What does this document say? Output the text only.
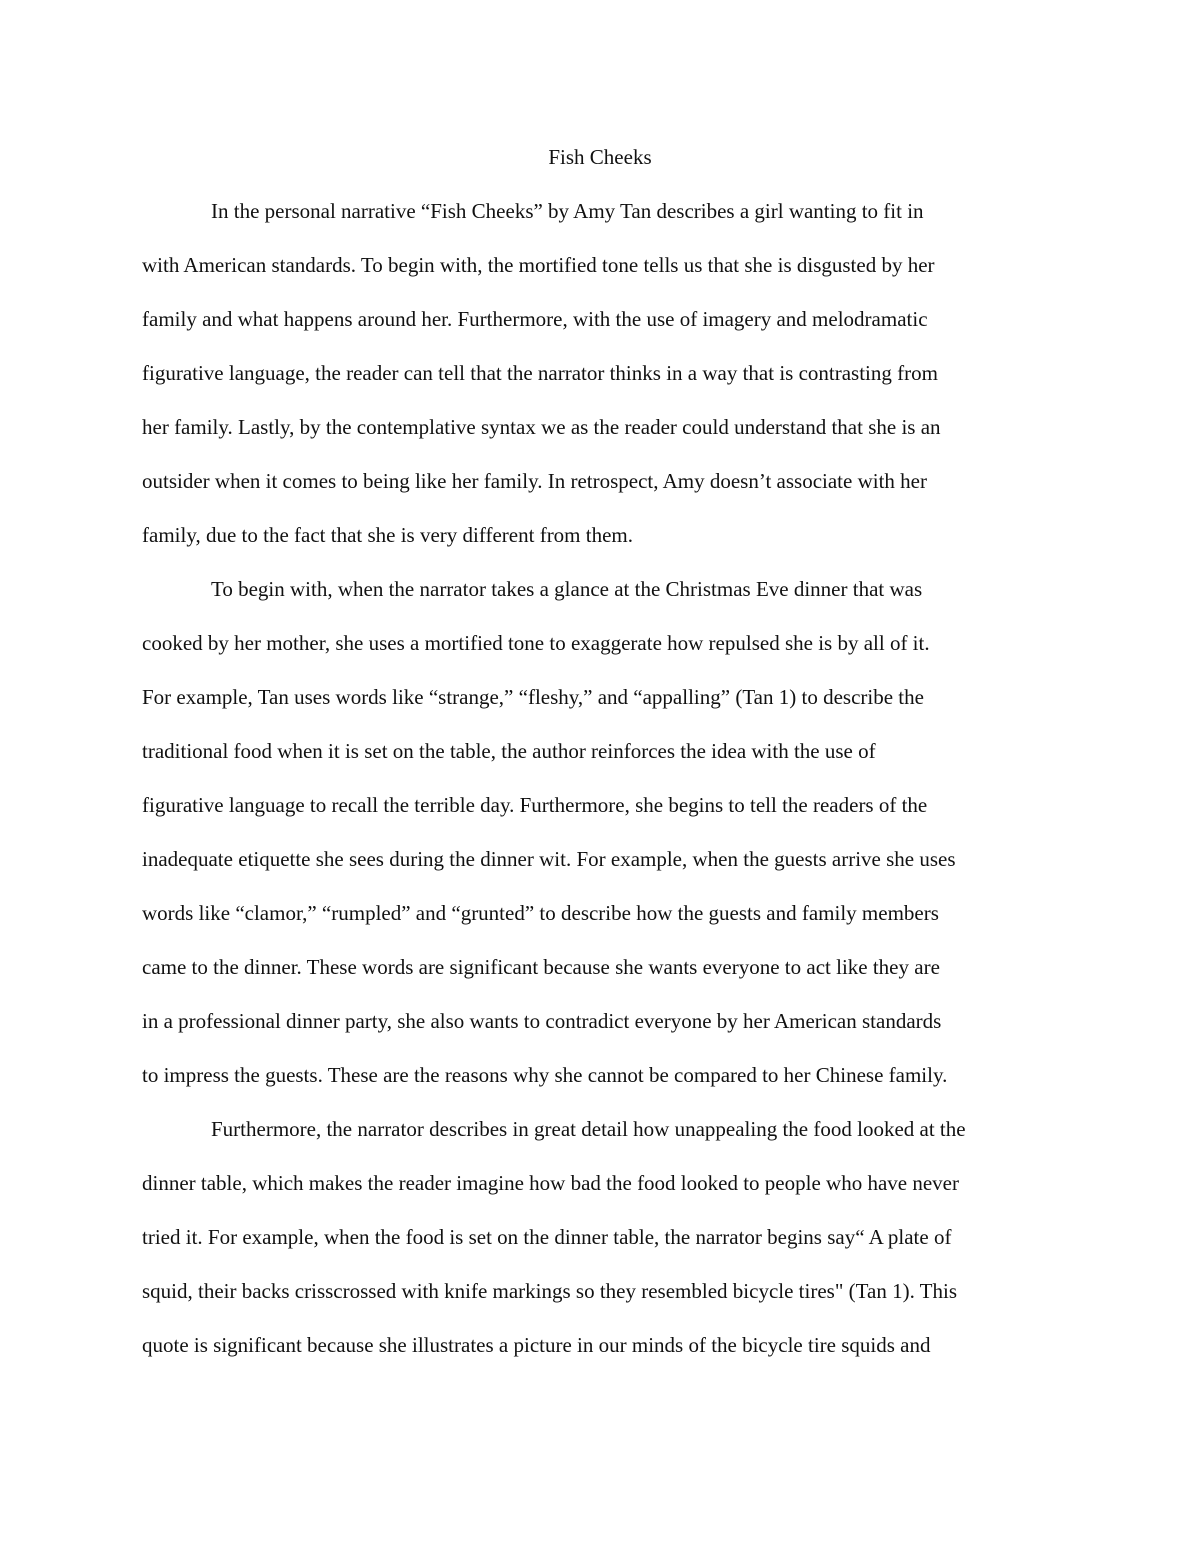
Fish Cheeks

In the personal narrative “Fish Cheeks” by Amy Tan describes a girl wanting to fit in

with American standards. To begin with, the mortified tone tells us that she is disgusted by her

family and what happens around her. Furthermore, with the use of imagery and melodramatic

figurative language, the reader can tell that the narrator thinks in a way that is contrasting from

her family. Lastly, by the contemplative syntax we as the reader could understand that she is an

outsider when it comes to being like her family. In retrospect, Amy doesn’t associate with her

family, due to the fact that she is very different from them.

To begin with, when the narrator takes a glance at the Christmas Eve dinner that was

cooked by her mother, she uses a mortified tone to exaggerate how repulsed she is by all of it.

For example, Tan uses words like “strange,” “fleshy,” and “appalling” (Tan 1) to describe the

traditional food when it is set on the table, the author reinforces the idea with the use of

figurative language to recall the terrible day. Furthermore, she begins to tell the readers of the

inadequate etiquette she sees during the dinner wit. For example, when the guests arrive she uses

words like “clamor,” “rumpled” and “grunted” to describe how the guests and family members

came to the dinner. These words are significant because she wants everyone to act like they are

in a professional dinner party, she also wants to contradict everyone by her American standards

to impress the guests. These are the reasons why she cannot be compared to her Chinese family.

Furthermore, the narrator describes in great detail how unappealing the food looked at the

dinner table, which makes the reader imagine how bad the food looked to people who have never

tried it. For example, when the food is set on the dinner table, the narrator begins say“ A plate of

squid, their backs crisscrossed with knife markings so they resembled bicycle tires" (Tan 1). This

quote is significant because she illustrates a picture in our minds of the bicycle tire squids and
